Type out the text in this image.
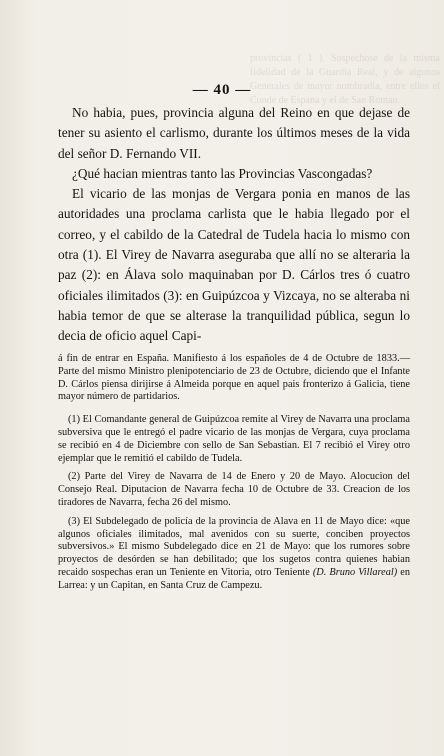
provincias ( 1 ). Sospechose de la misma fidelidad de la Guardia Real, y de algunos Generales de mayor nombradia, entre ellos el Conde de Espana y el de San Roman.
— 40 —

No habia, pues, provincia alguna del Reino en que dejase de tener su asiento el carlismo, durante los últimos meses de la vida del señor D. Fernando VII.

¿Qué hacian mientras tanto las Provincias Vascongadas?

El vicario de las monjas de Vergara ponia en manos de las autoridades una proclama carlista que le habia llegado por el correo, y el cabildo de la Catedral de Tudela hacia lo mismo con otra (1). El Virey de Navarra aseguraba que allí no se alteraria la paz (2): en Álava solo maquinaban por D. Cárlos tres ó cuatro oficiales ilimitados (3): en Guipúzcoa y Vizcaya, no se alteraba ni habia temor de que se alterase la tranquilidad pública, segun lo decia de oficio aquel Capi-

á fin de entrar en España. Manifiesto á los españoles de 4 de Octubre de 1833.—Parte del mismo Ministro plenipotenciario de 23 de Octubre, diciendo que el Infante D. Cárlos piensa dirijirse á Almeida porque en aquel pais fronterizo á Galicia, tiene mayor número de partidarios.

(1) El Comandante general de Guipúzcoa remite al Virey de Navarra una proclama subversiva que le entregó el padre vicario de las monjas de Vergara, cuya proclama se recibió en 4 de Diciembre con sello de San Sebastian. El 7 recibió el Virey otro ejemplar que le remitió el cabildo de Tudela.

(2) Parte del Virey de Navarra de 14 de Enero y 20 de Mayo. Alocucion del Consejo Real. Diputacion de Navarra fecha 10 de Octubre de 33. Creacion de los tiradores de Navarra, fecha 26 del mismo.

(3) El Subdelegado de policía de la provincia de Alava en 11 de Mayo dice: «que algunos oficiales ilimitados, mal avenidos con su suerte, conciben proyectos subversivos.» El mismo Subdelegado dice en 21 de Mayo: que los rumores sobre proyectos de desórden se han debilitado; que los sugetos contra quienes habian recaido sospechas eran un Teniente en Vitoria, otro Teniente (D. Bruno Villareal) en Larrea: y un Capitan, en Santa Cruz de Campezu.
